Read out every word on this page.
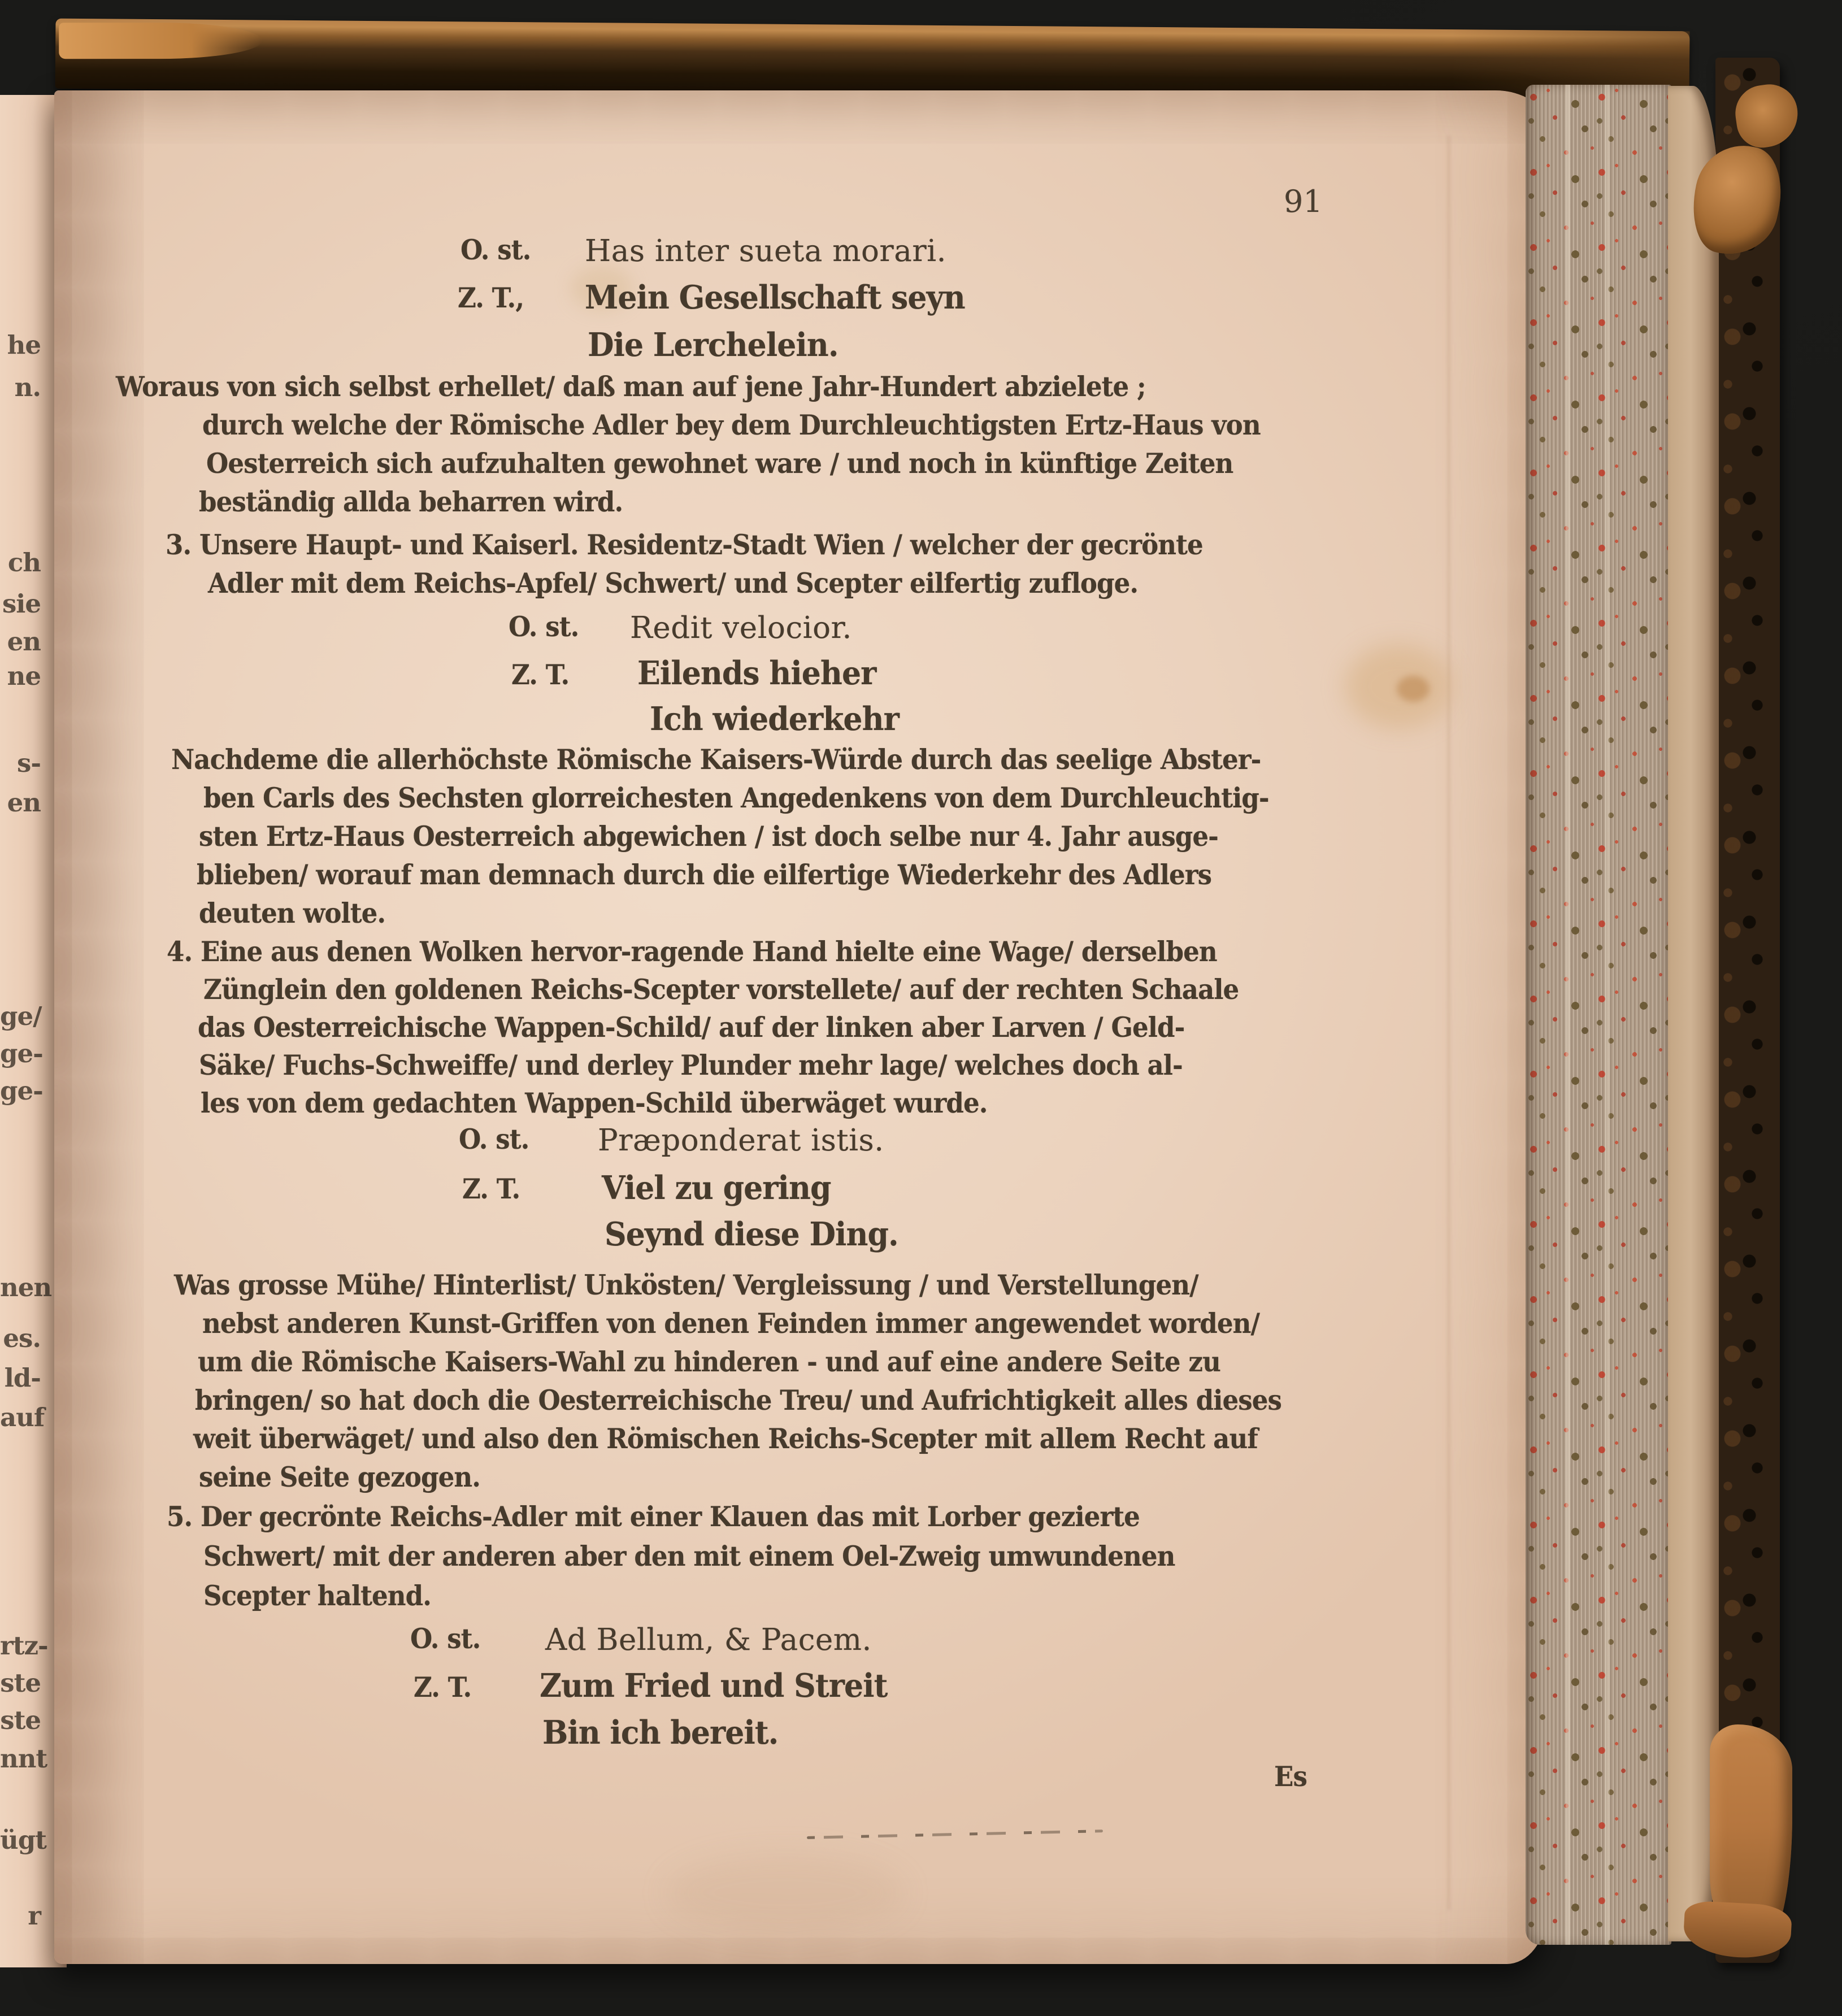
he
n.
ch
sie
en
ne
s-
en
ge/
ge-
ge-
nen
es.
ld-
auf
rtz-
ste
ste
nnt
ügt
r
91
O. st. Has inter sueta morari.
Z. T., Mein Gesellschaft seyn
Die Lerchelein.
Woraus von sich selbst erhellet/ daß man auf jene Jahr-Hundert abzielete ;
durch welche der Römische Adler bey dem Durchleuchtigsten Ertz-Haus von
Oesterreich sich aufzuhalten gewohnet ware / und noch in künftige Zeiten
beständig allda beharren wird.
3. Unsere Haupt- und Kaiserl. Residentz-Stadt Wien / welcher der gecrönte
Adler mit dem Reichs-Apfel/ Schwert/ und Scepter eilfertig zufloge.
O. st. Redit velocior.
Z. T. Eilends hieher
Ich wiederkehr
Nachdeme die allerhöchste Römische Kaisers-Würde durch das seelige Abster-
ben Carls des Sechsten glorreichesten Angedenkens von dem Durchleuchtig-
sten Ertz-Haus Oesterreich abgewichen / ist doch selbe nur 4. Jahr ausge-
blieben/ worauf man demnach durch die eilfertige Wiederkehr des Adlers
deuten wolte.
4. Eine aus denen Wolken hervor-ragende Hand hielte eine Wage/ derselben
Zünglein den goldenen Reichs-Scepter vorstellete/ auf der rechten Schaale
das Oesterreichische Wappen-Schild/ auf der linken aber Larven / Geld-
Säke/ Fuchs-Schweiffe/ und derley Plunder mehr lage/ welches doch al-
les von dem gedachten Wappen-Schild überwäget wurde.
O. st. Præponderat istis.
Z. T.	Viel zu gering
Seynd diese Ding.
Was grosse Mühe/ Hinterlist/ Unkösten/ Vergleissung / und Verstellungen/
nebst anderen Kunst-Griffen von denen Feinden immer angewendet worden/
um die Römische Kaisers-Wahl zu hinderen - und auf eine andere Seite zu
bringen/ so hat doch die Oesterreichische Treu/ und Aufrichtigkeit alles dieses
weit überwäget/ und also den Römischen Reichs-Scepter mit allem Recht auf
seine Seite gezogen.
5. Der gecrönte Reichs-Adler mit einer Klauen das mit Lorber gezierte
Schwert/ mit der anderen aber den mit einem Oel-Zweig umwundenen
Scepter haltend.
O. st. Ad Bellum, & Pacem.
Z. T. Zum Fried und Streit
Bin ich bereit.
Es
